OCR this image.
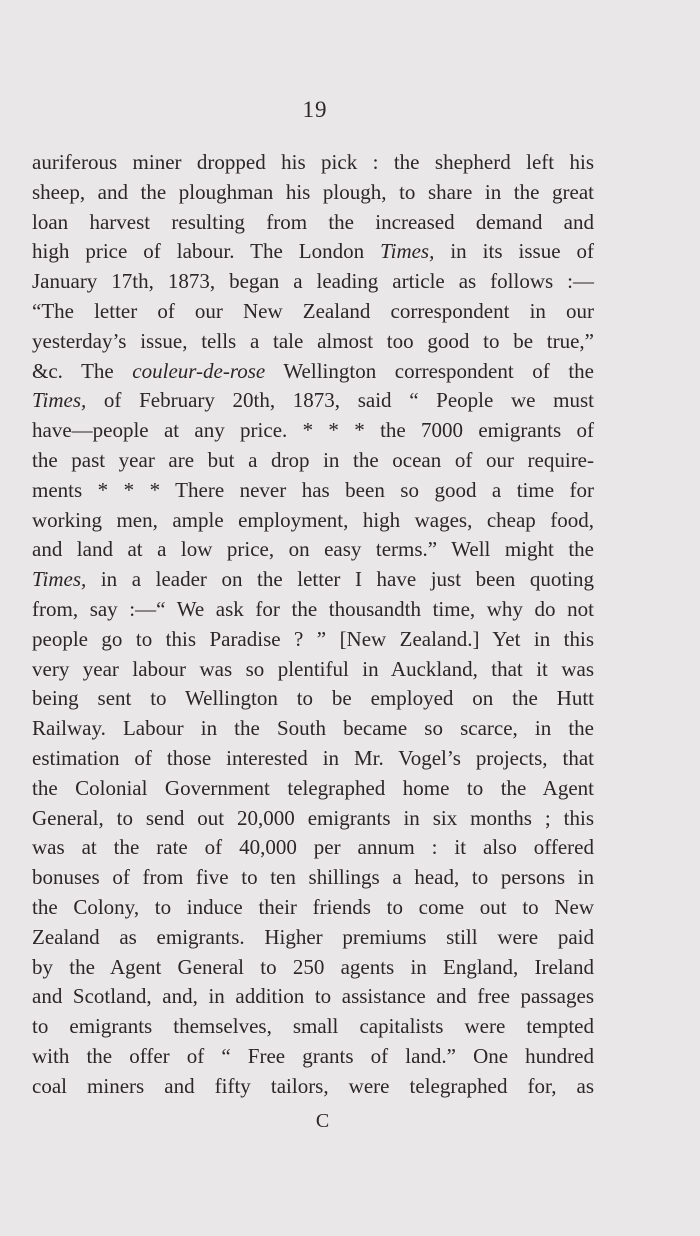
19
auriferous miner dropped his pick : the shepherd left his
sheep, and the ploughman his plough, to share in the great
loan harvest resulting from the increased demand and
high price of labour. The London Times, in its issue of
January 17th, 1873, began a leading article as follows :—
“The letter of our New Zealand correspondent in our
yesterday’s issue, tells a tale almost too good to be true,”
&c. The couleur-de-rose Wellington correspondent of the
Times, of February 20th, 1873, said “ People we must
have—people at any price. * * * the 7000 emigrants of
the past year are but a drop in the ocean of our require-
ments * * * There never has been so good a time for
working men, ample employment, high wages, cheap food,
and land at a low price, on easy terms.” Well might the
Times, in a leader on the letter I have just been quoting
from, say :—“ We ask for the thousandth time, why do not
people go to this Paradise ? ” [New Zealand.] Yet in this
very year labour was so plentiful in Auckland, that it was
being sent to Wellington to be employed on the Hutt
Railway. Labour in the South became so scarce, in the
estimation of those interested in Mr. Vogel’s projects, that
the Colonial Government telegraphed home to the Agent
General, to send out 20,000 emigrants in six months ; this
was at the rate of 40,000 per annum : it also offered
bonuses of from five to ten shillings a head, to persons in
the Colony, to induce their friends to come out to New
Zealand as emigrants. Higher premiums still were paid
by the Agent General to 250 agents in England, Ireland
and Scotland, and, in addition to assistance and free passages
to emigrants themselves, small capitalists were tempted
with the offer of “ Free grants of land.” One hundred
coal miners and fifty tailors, were telegraphed for, as
C
